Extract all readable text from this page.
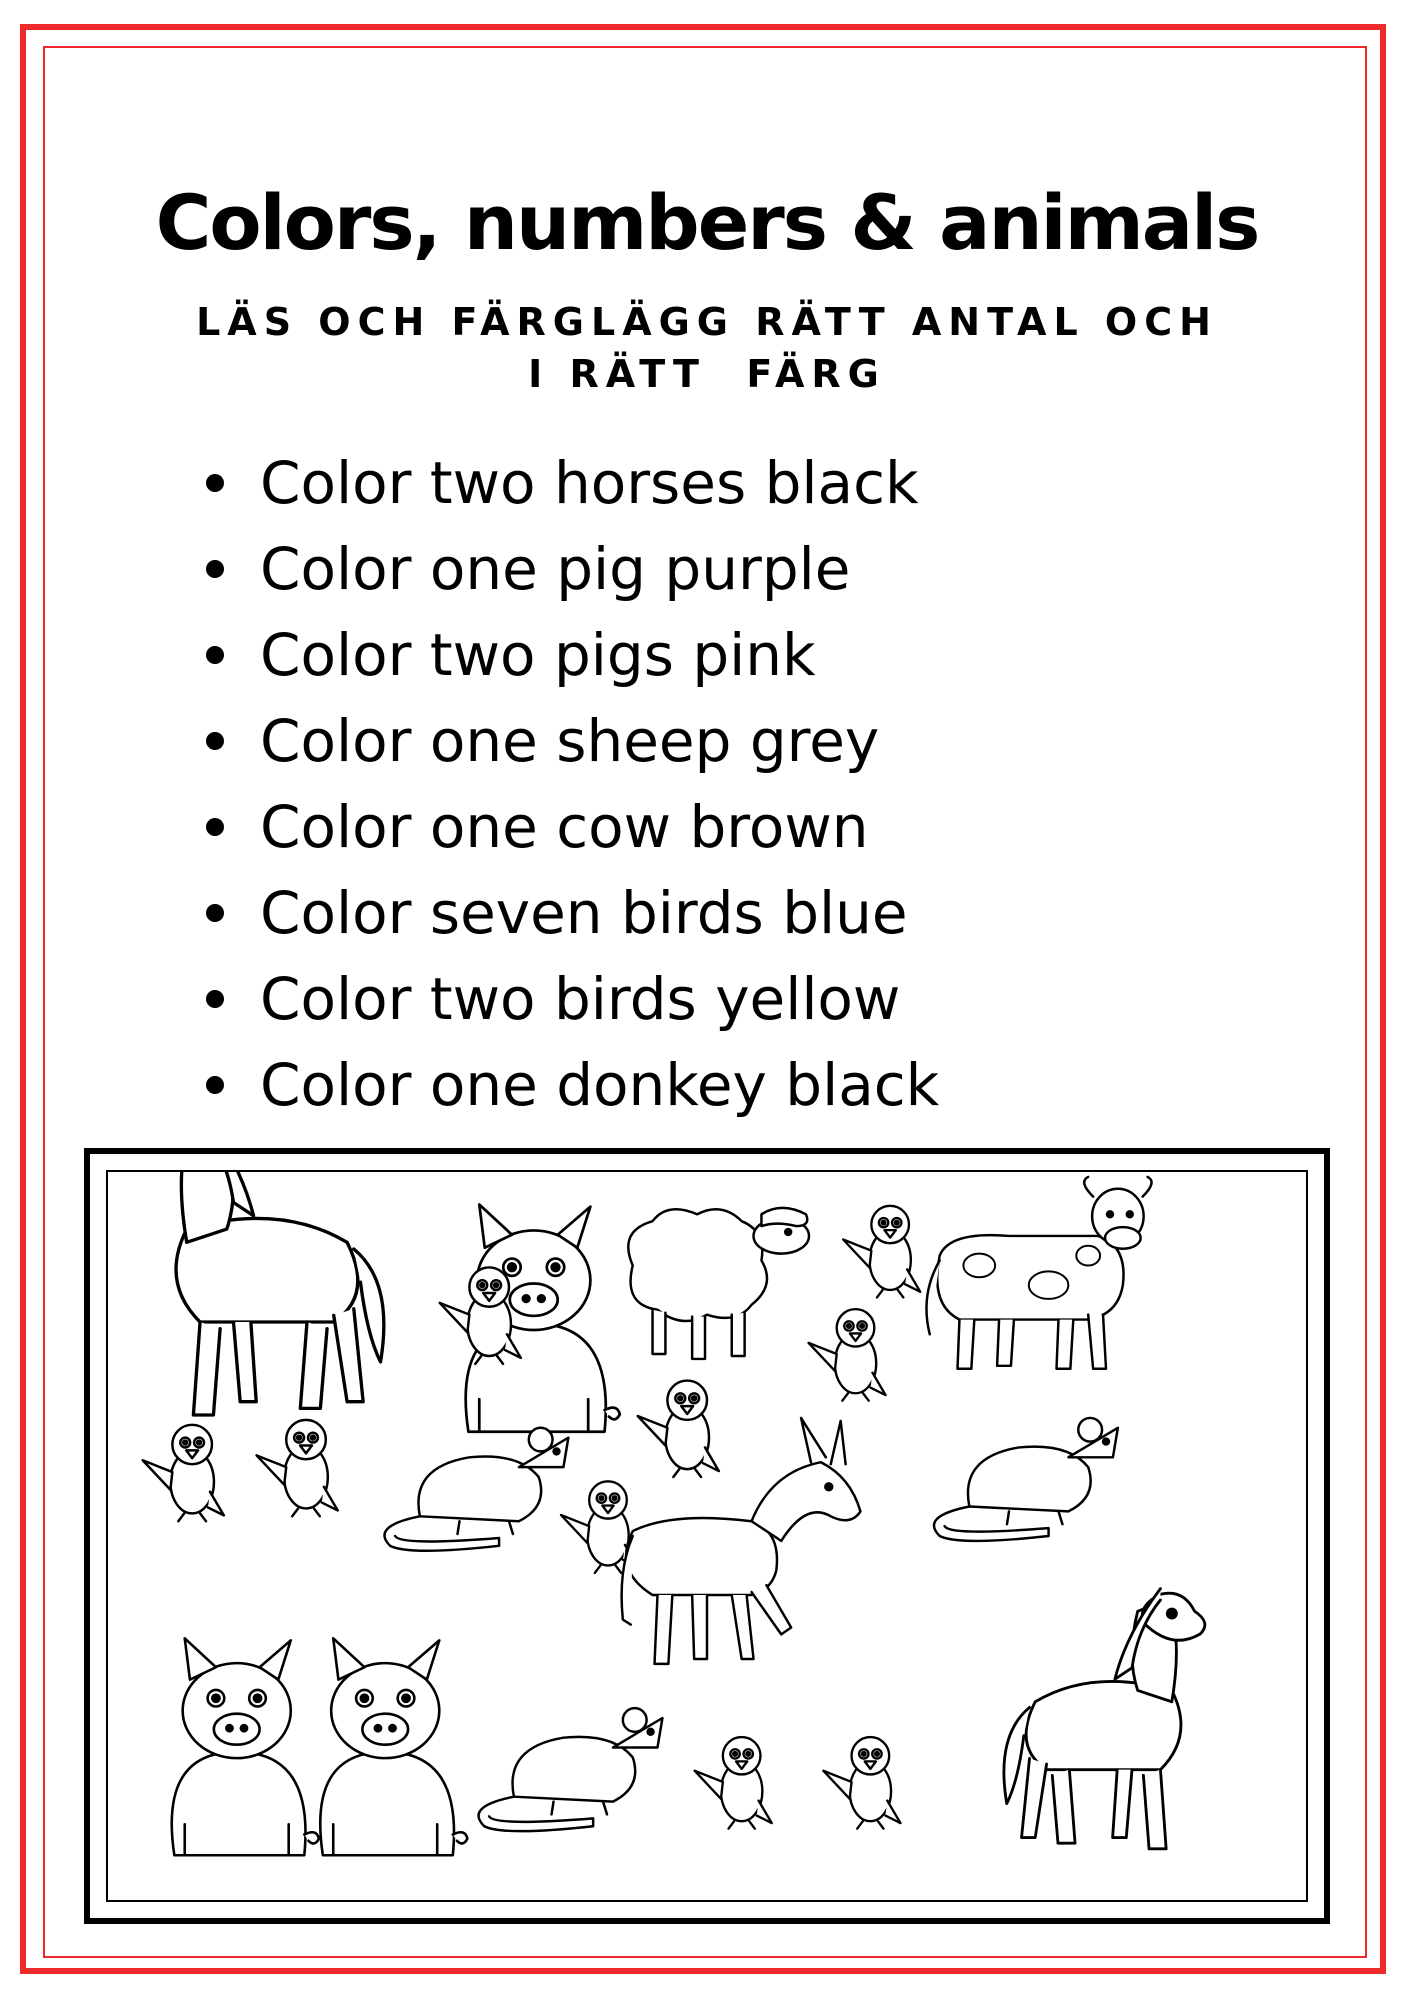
Colors, numbers & animals
LÄS OCH FÄRGLÄGG RÄTT ANTAL OCH
I RÄTT  FÄRG
Color two horses black
Color one pig purple
Color two pigs pink
Color one sheep grey
Color one cow brown
Color seven birds blue
Color two birds yellow
Color one donkey black
